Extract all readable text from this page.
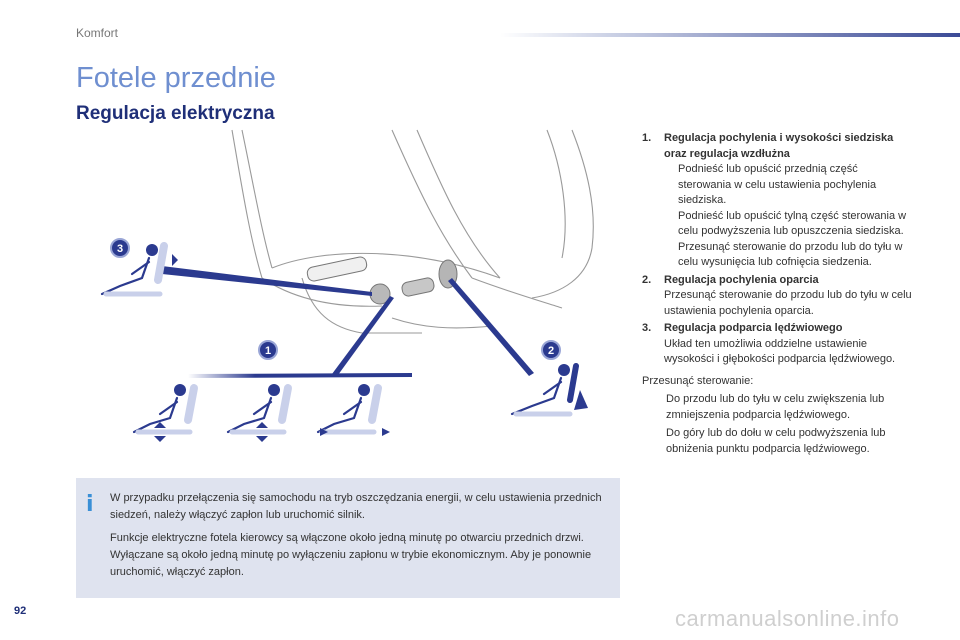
Komfort
Fotele przednie
Regulacja elektryczna
3
1	2
1. Regulacja pochylenia i wysokości siedziska oraz regulacja wzdłużna
Podnieść lub opuścić przednią część sterowania w celu ustawienia pochylenia siedziska.
Podnieść lub opuścić tylną część sterowania w celu podwyższenia lub opuszczenia siedziska.
Przesunąć sterowanie do przodu lub do tyłu w celu wysunięcia lub cofnięcia siedzenia.
2. Regulacja pochylenia oparcia
Przesunąć sterowanie do przodu lub do tyłu w celu ustawienia pochylenia oparcia.
3. Regulacja podparcia lędźwiowego
Układ ten umożliwia oddzielne ustawienie wysokości i głębokości podparcia lędźwiowego.
Przesunąć sterowanie:
Do przodu lub do tyłu w celu zwiększenia lub zmniejszenia podparcia lędźwiowego.
Do góry lub do dołu w celu podwyższenia lub obniżenia punktu podparcia lędźwiowego.
i W przypadku przełączenia się samochodu na tryb oszczędzania energii, w celu ustawienia przednich siedzeń, należy włączyć zapłon lub uruchomić silnik.

Funkcje elektryczne fotela kierowcy są włączone około jedną minutę po otwarciu przednich drzwi. Wyłączane są około jedną minutę po wyłączeniu zapłonu w trybie ekonomicznym. Aby je ponownie uruchomić, włączyć zapłon.

92	carmanualsonline.info
